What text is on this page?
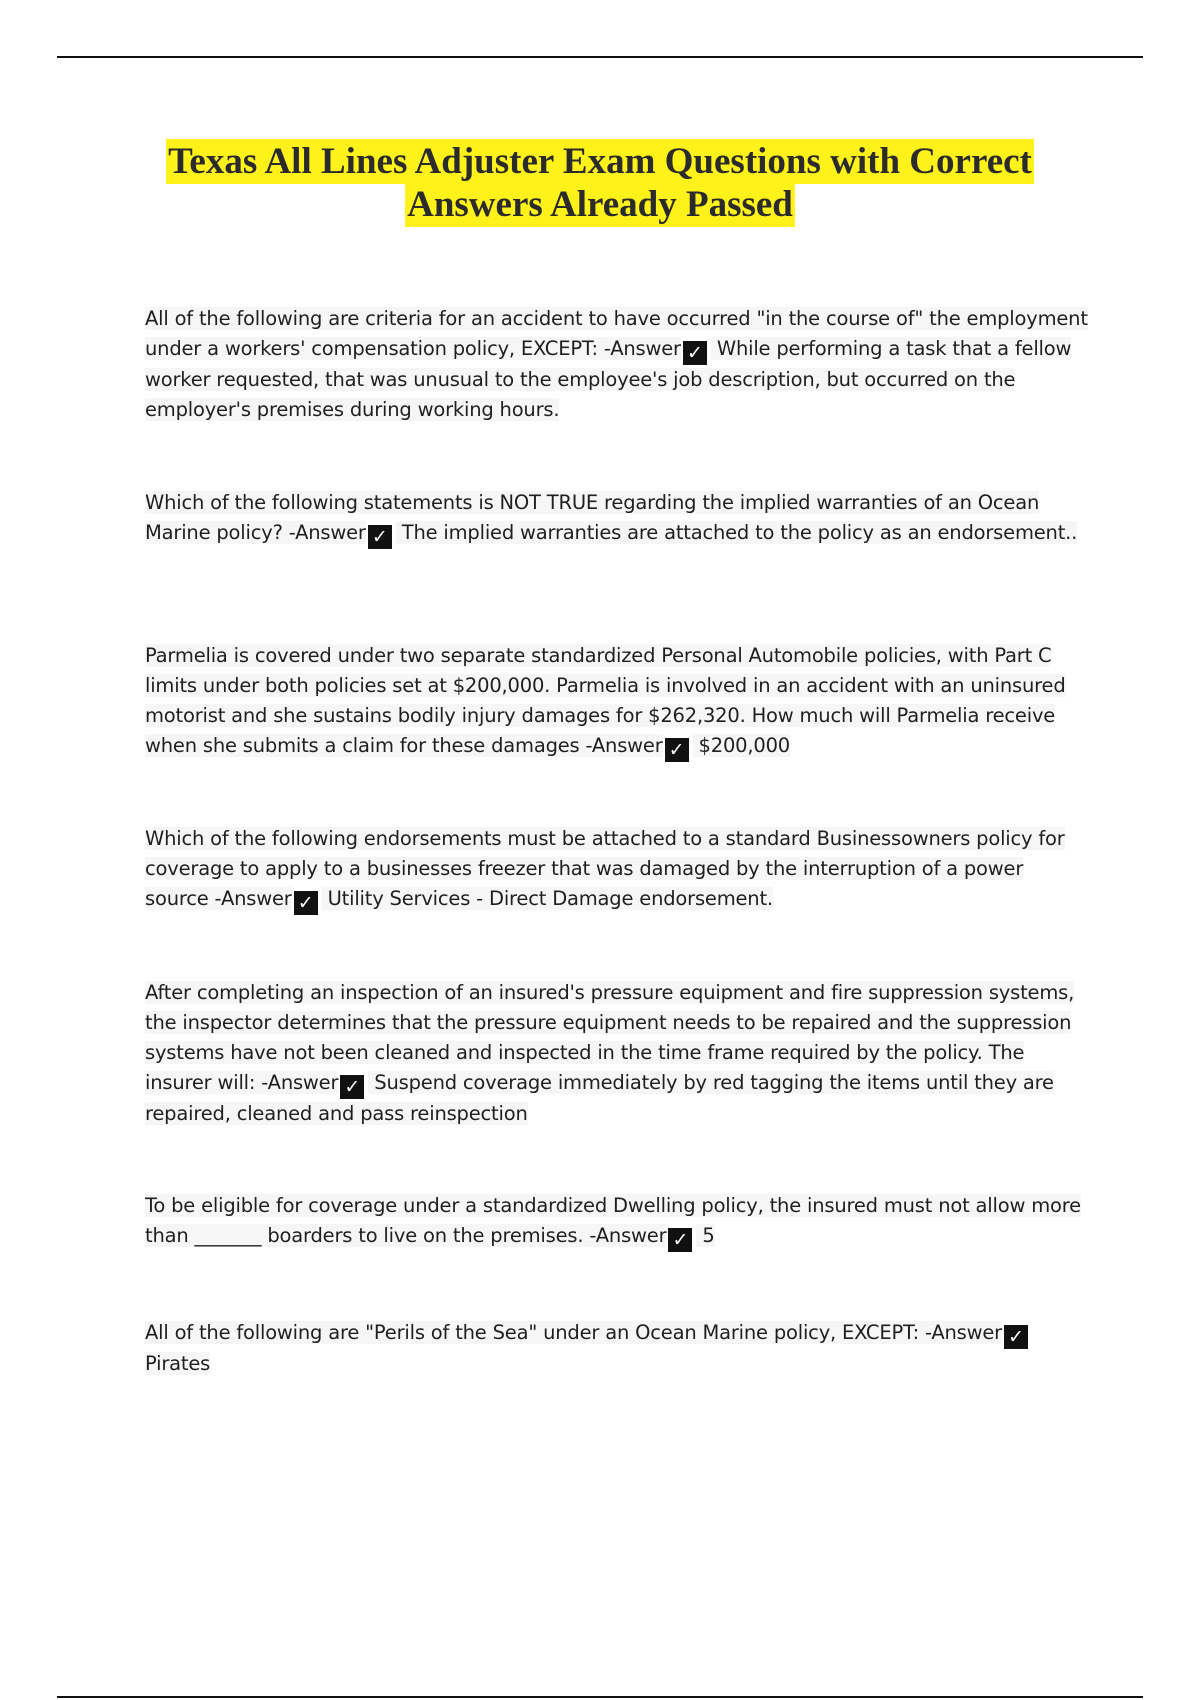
Texas All Lines Adjuster Exam Questions with Correct Answers Already Passed
All of the following are criteria for an accident to have occurred "in the course of" the employment under a workers' compensation policy, EXCEPT: -Answer ✓ While performing a task that a fellow worker requested, that was unusual to the employee's job description, but occurred on the employer's premises during working hours.
Which of the following statements is NOT TRUE regarding the implied warranties of an Ocean Marine policy? -Answer ✓ The implied warranties are attached to the policy as an endorsement..
Parmelia is covered under two separate standardized Personal Automobile policies, with Part C limits under both policies set at $200,000. Parmelia is involved in an accident with an uninsured motorist and she sustains bodily injury damages for $262,320. How much will Parmelia receive when she submits a claim for these damages -Answer ✓ $200,000
Which of the following endorsements must be attached to a standard Businessowners policy for coverage to apply to a businesses freezer that was damaged by the interruption of a power source -Answer ✓ Utility Services - Direct Damage endorsement.
After completing an inspection of an insured's pressure equipment and fire suppression systems, the inspector determines that the pressure equipment needs to be repaired and the suppression systems have not been cleaned and inspected in the time frame required by the policy. The insurer will: -Answer ✓ Suspend coverage immediately by red tagging the items until they are repaired, cleaned and pass reinspection
To be eligible for coverage under a standardized Dwelling policy, the insured must not allow more than _______ boarders to live on the premises. -Answer ✓ 5
All of the following are "Perils of the Sea" under an Ocean Marine policy, EXCEPT: -Answer ✓ Pirates
